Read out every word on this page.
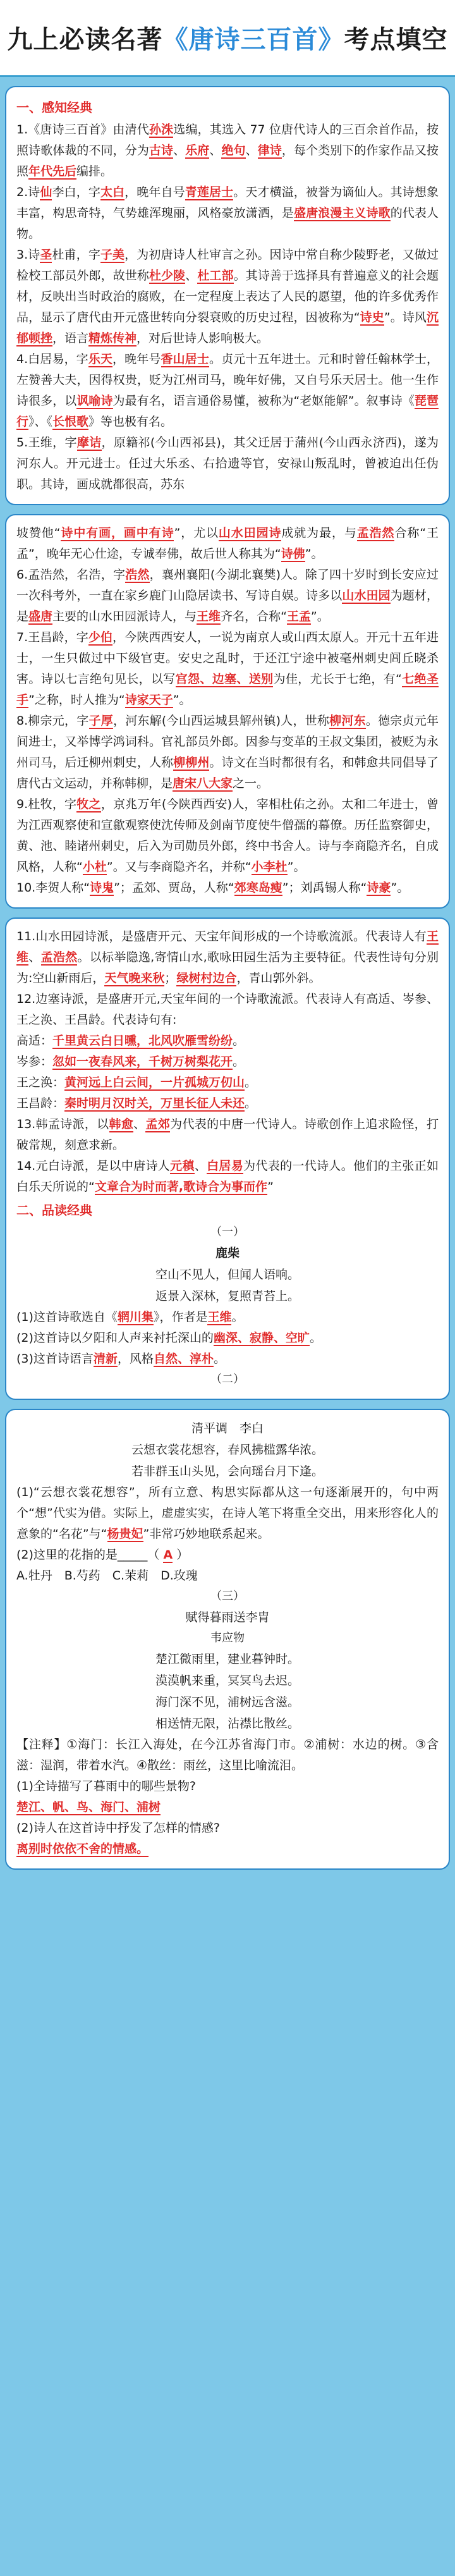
九上必读名著《唐诗三百首》考点填空
一、感知经典

1.《唐诗三百首》由清代孙洙选编，其选入 77 位唐代诗人的三百余首作品，按照诗歌体裁的不同，分为古诗、乐府、绝句、律诗，每个类别下的作家作品又按照年代先后编排。

2.诗仙李白，字太白，晚年自号青莲居士。天才横溢，被誉为谪仙人。其诗想象丰富，构思奇特，气势雄浑瑰丽，风格豪放潇洒，是盛唐浪漫主义诗歌的代表人物。

3.诗圣杜甫，字子美，为初唐诗人杜审言之孙。因诗中常自称少陵野老，又做过检校工部员外郎，故世称杜少陵、杜工部。其诗善于选择具有普遍意义的社会题材，反映出当时政治的腐败，在一定程度上表达了人民的愿望，他的许多优秀作品，显示了唐代由开元盛世转向分裂衰败的历史过程，因被称为“诗史”。诗风沉郁顿挫，语言精炼传神，对后世诗人影响极大。

4.白居易，字乐天，晚年号香山居士。贞元十五年进士。元和时曾任翰林学士，左赞善大夫，因得权贵，贬为江州司马，晚年好佛，又自号乐天居士。他一生作诗很多，以讽喻诗为最有名，语言通俗易懂，被称为“老妪能解”。叙事诗《琵琶行》、《长恨歌》等也极有名。

5.王维，字摩诘，原籍祁(今山西祁县)，其父迁居于蒲州(今山西永济西)，遂为河东人。开元进士。任过大乐丞、右拾遗等官，安禄山叛乱时，曾被迫出任伪职。其诗，画成就都很高，苏东

坡赞他“诗中有画，画中有诗”，尤以山水田园诗成就为最，与孟浩然合称“王孟”，晚年无心仕途，专诚奉佛，故后世人称其为“诗佛”。

6.孟浩然，名浩，字浩然，襄州襄阳(今湖北襄樊)人。除了四十岁时到长安应过一次科考外，一直在家乡鹿门山隐居读书、写诗自娱。诗多以山水田园为题材，是盛唐主要的山水田园派诗人，与王维齐名，合称“王孟”。

7.王昌龄，字少伯，今陕西西安人，一说为南京人或山西太原人。开元十五年进士，一生只做过中下级官吏。安史之乱时，于还江宁途中被毫州刺史闾丘晓杀害。诗以七言绝句见长，以写宫怨、边塞、送别为佳，尤长于七绝，有“七绝圣手”之称，时人推为“诗家天子”。

8.柳宗元，字子厚，河东解(今山西运城县解州镇)人，世称柳河东。德宗贞元年间进士，又举博学鸿词科。官礼部员外郎。因参与变革的王叔文集团，被贬为永州司马，后迁柳州刺史，人称柳柳州。诗文在当时都很有名，和韩愈共同倡导了唐代古文运动，并称韩柳，是唐宋八大家之一。

9.杜牧，字牧之，京兆万年(今陕西西安)人，宰相杜佑之孙。太和二年进士，曾为江西观察使和宣歙观察使沈传师及剑南节度使牛僧孺的幕僚。历任监察御史，黄、池、睦诸州刺史，后入为司勋员外郎，终中书舍人。诗与李商隐齐名，自成风格，人称“小杜”。又与李商隐齐名，并称“小李杜”。

10.李贺人称“诗鬼”；孟郊、贾岛，人称“郊寒岛瘦”；刘禹锡人称“诗豪”。

11.山水田园诗派，是盛唐开元、天宝年间形成的一个诗歌流派。代表诗人有王维、孟浩然。以标举隐逸,寄情山水,歌咏田园生活为主要特征。代表性诗句分别为:空山新雨后，天气晚来秋；绿树村边合，青山郭外斜。

12.边塞诗派，是盛唐开元,天宝年间的一个诗歌流派。代表诗人有高适、岑参、王之涣、王昌龄。代表诗句有:

高适：千里黄云白日曛，北风吹雁雪纷纷。

岑参：忽如一夜春风来，千树万树梨花开。

王之涣：黄河远上白云间，一片孤城万仞山。

王昌龄：秦时明月汉时关，万里长征人未还。

13.韩孟诗派，以韩愈、孟郊为代表的中唐一代诗人。诗歌创作上追求险怪，打破常规，刻意求新。

14.元白诗派，是以中唐诗人元稹、白居易为代表的一代诗人。他们的主张正如白乐天所说的“文章合为时而著,歌诗合为事而作”

二、品读经典
（一）
鹿柴
空山不见人，但闻人语响。
返景入深林，复照青苔上。

(1)这首诗歌选自《辋川集》，作者是王维。

(2)这首诗以夕阳和人声来衬托深山的幽深、寂静、空旷。

(3)这首诗语言清新，风格自然、淳朴。

（二）
清平调　李白
云想衣裳花想容，春风拂槛露华浓。
若非群玉山头见，会向瑶台月下逢。

(1)“云想衣裳花想容”，所有立意、构思实际都从这一句逐渐展开的，句中两个“想”代实为借。实际上，虚虚实实，在诗人笔下将重全交出，用来形容化人的意象的“名花”与“杨贵妃”非常巧妙地联系起来。

(2)这里的花指的是_____（ A ）

A.牡丹　B.芍药　C.茉莉　D.玫瑰

（三）
赋得暮雨送李胄
韦应物
楚江微雨里，建业暮钟时。
漠漠帆来重，冥冥鸟去迟。
海门深不见，浦树远含滋。
相送情无限，沾襟比散丝。

【注释】①海门：长江入海处，在今江苏省海门市。②浦树：水边的树。③含滋：湿润，带着水汽。④散丝：雨丝，这里比喻流泪。

(1)全诗描写了暮雨中的哪些景物?

楚江、帆、鸟、海门、浦树

(2)诗人在这首诗中抒发了怎样的情感?

离别时依依不舍的情感。
